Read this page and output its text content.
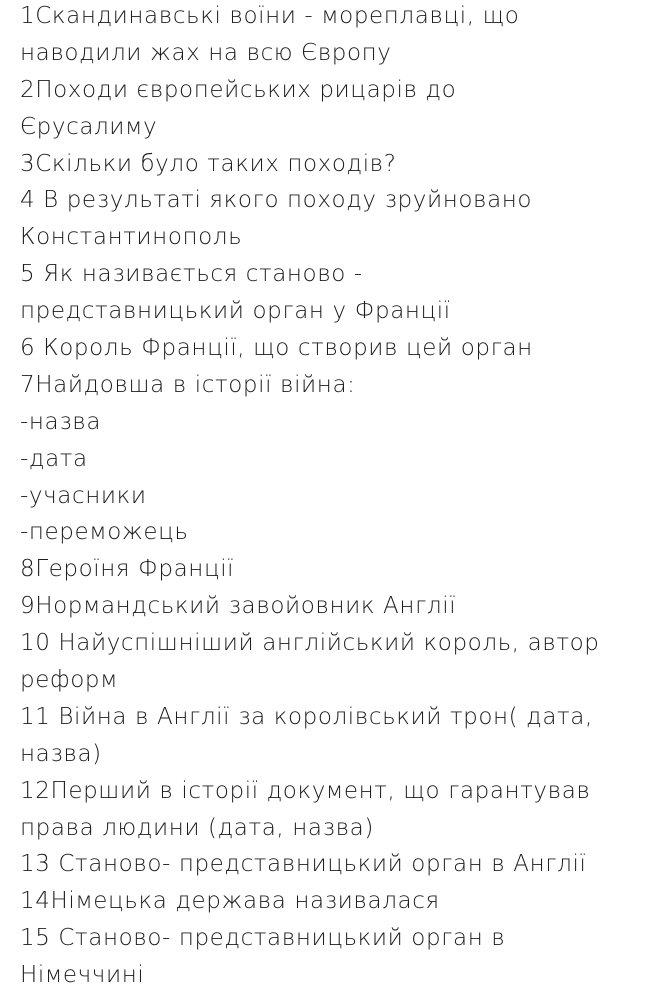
1Скандинавські воїни - мореплавці, що
наводили жах на всю Європу
2Походи європейських рицарів до
Єрусалиму
3Скільки було таких походів?
4 В результаті якого походу зруйновано
Константинополь
5 Як називається станово -
представницький орган у Франції
6 Король Франції, що створив цей орган
7Найдовша в історії війна:
-назва
-дата
-учасники
-переможець
8Героїня Франції
9Нормандський завойовник Англії
10 Найуспішніший англійський король, автор
реформ
11 Війна в Англії за королівський трон( дата,
назва)
12Перший в історії документ, що гарантував
права людини (дата, назва)
13 Станово- представницький орган в Англії
14Німецька держава називалася
15 Станово- представницький орган в
Німеччині
